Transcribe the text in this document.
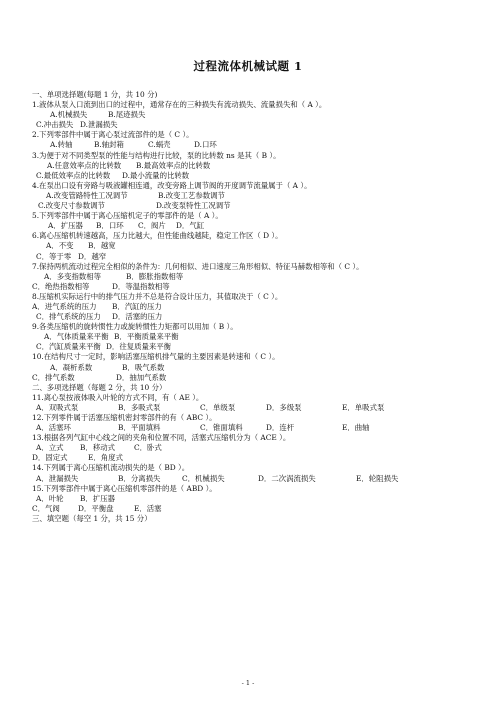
过程流体机械试题 1
一、单项选择题(每题 1 分，共 10 分)
1.液体从泵入口流到出口的过程中，通常存在的三种损失有流动损失、流量损失和（ A ）。
A.机械损失	B.尾迹损失
C.冲击损失 D.泄漏损失
2.下列零部件中属于离心泵过流部件的是（ C ）。
A.转轴	B.轴封箱	C.蜗壳	D.口环
3.为便于对不同类型泵的性能与结构进行比较，泵的比转数 ns 是其（ B ）。
A.任意效率点的比转数	B.最高效率点的比转数
C.最低效率点的比转数	D.最小流量的比转数
4.在泵出口设有旁路与吸液罐相连通，改变旁路上调节阀的开度调节流量属于（ A ）。
A.改变管路特性工况调节	B.改变工艺参数调节
C.改变尺寸参数调节	D.改变泵特性工况调节
5.下列零部件中属于离心压缩机定子的零部件的是（ A ）。
A．扩压器	B．口环	C．阀片	D．气缸
6.离心压缩机转速越高，压力比越大，但性能曲线越陡，稳定工作区（ D ）。
A．不变	B．越宽
C．等于零 D．越窄
7.保持两机流动过程完全相似的条件为：几何相似、进口速度三角形相似、特征马赫数相等和（ C ）。
A．多变指数相等	B．膨胀指数相等
C．绝热指数相等	D．等温指数相等
8.压缩机实际运行中的排气压力并不总是符合设计压力，其值取决于（ C ）。
A．进气系统的压力	B．汽缸的压力
C．排气系统的压力	D．活塞的压力
9.各类压缩机的旋转惯性力或旋转惯性力矩都可以用加（ B ）。
A．气体质量来平衡 B．平衡质量来平衡
C．汽缸质量来平衡 D．往复质量来平衡
10.在结构尺寸一定时，影响活塞压缩机排气量的主要因素是转速和（ C ）。
A．凝析系数	B．吸气系数
C．排气系数	D．抽加气系数
二、多项选择题（每题 2 分，共 10 分）
11.离心泵按液体吸入叶轮的方式不同，有（ AE ）。
A．双吸式泵	B．多吸式泵	C．单级泵	D．多级泵	E．单吸式泵
12.下列零件属于活塞压缩机密封零部件的有（ ABC ）。
A．活塞环	B．平面填料	C．锥面填料	D．连杆	E．曲轴
13.根据各列气缸中心线之间的夹角和位置不同，活塞式压缩机分为（ ACE ）。
A．立式	B．移动式	C．卧式
D．固定式	E．角度式
14.下列属于离心压缩机流动损失的是（ BD ）。
A．泄漏损失	B．分离损失	C．机械损失	D．二次涡流损失	E．轮阻损失
15.下列零部件中属于离心压缩机零部件的是（ ABD ）。
A．叶轮	B．扩压器
C．气阀	D．平衡盘	E．活塞
三、填空题（每空 1 分，共 15 分）
- 1 -
